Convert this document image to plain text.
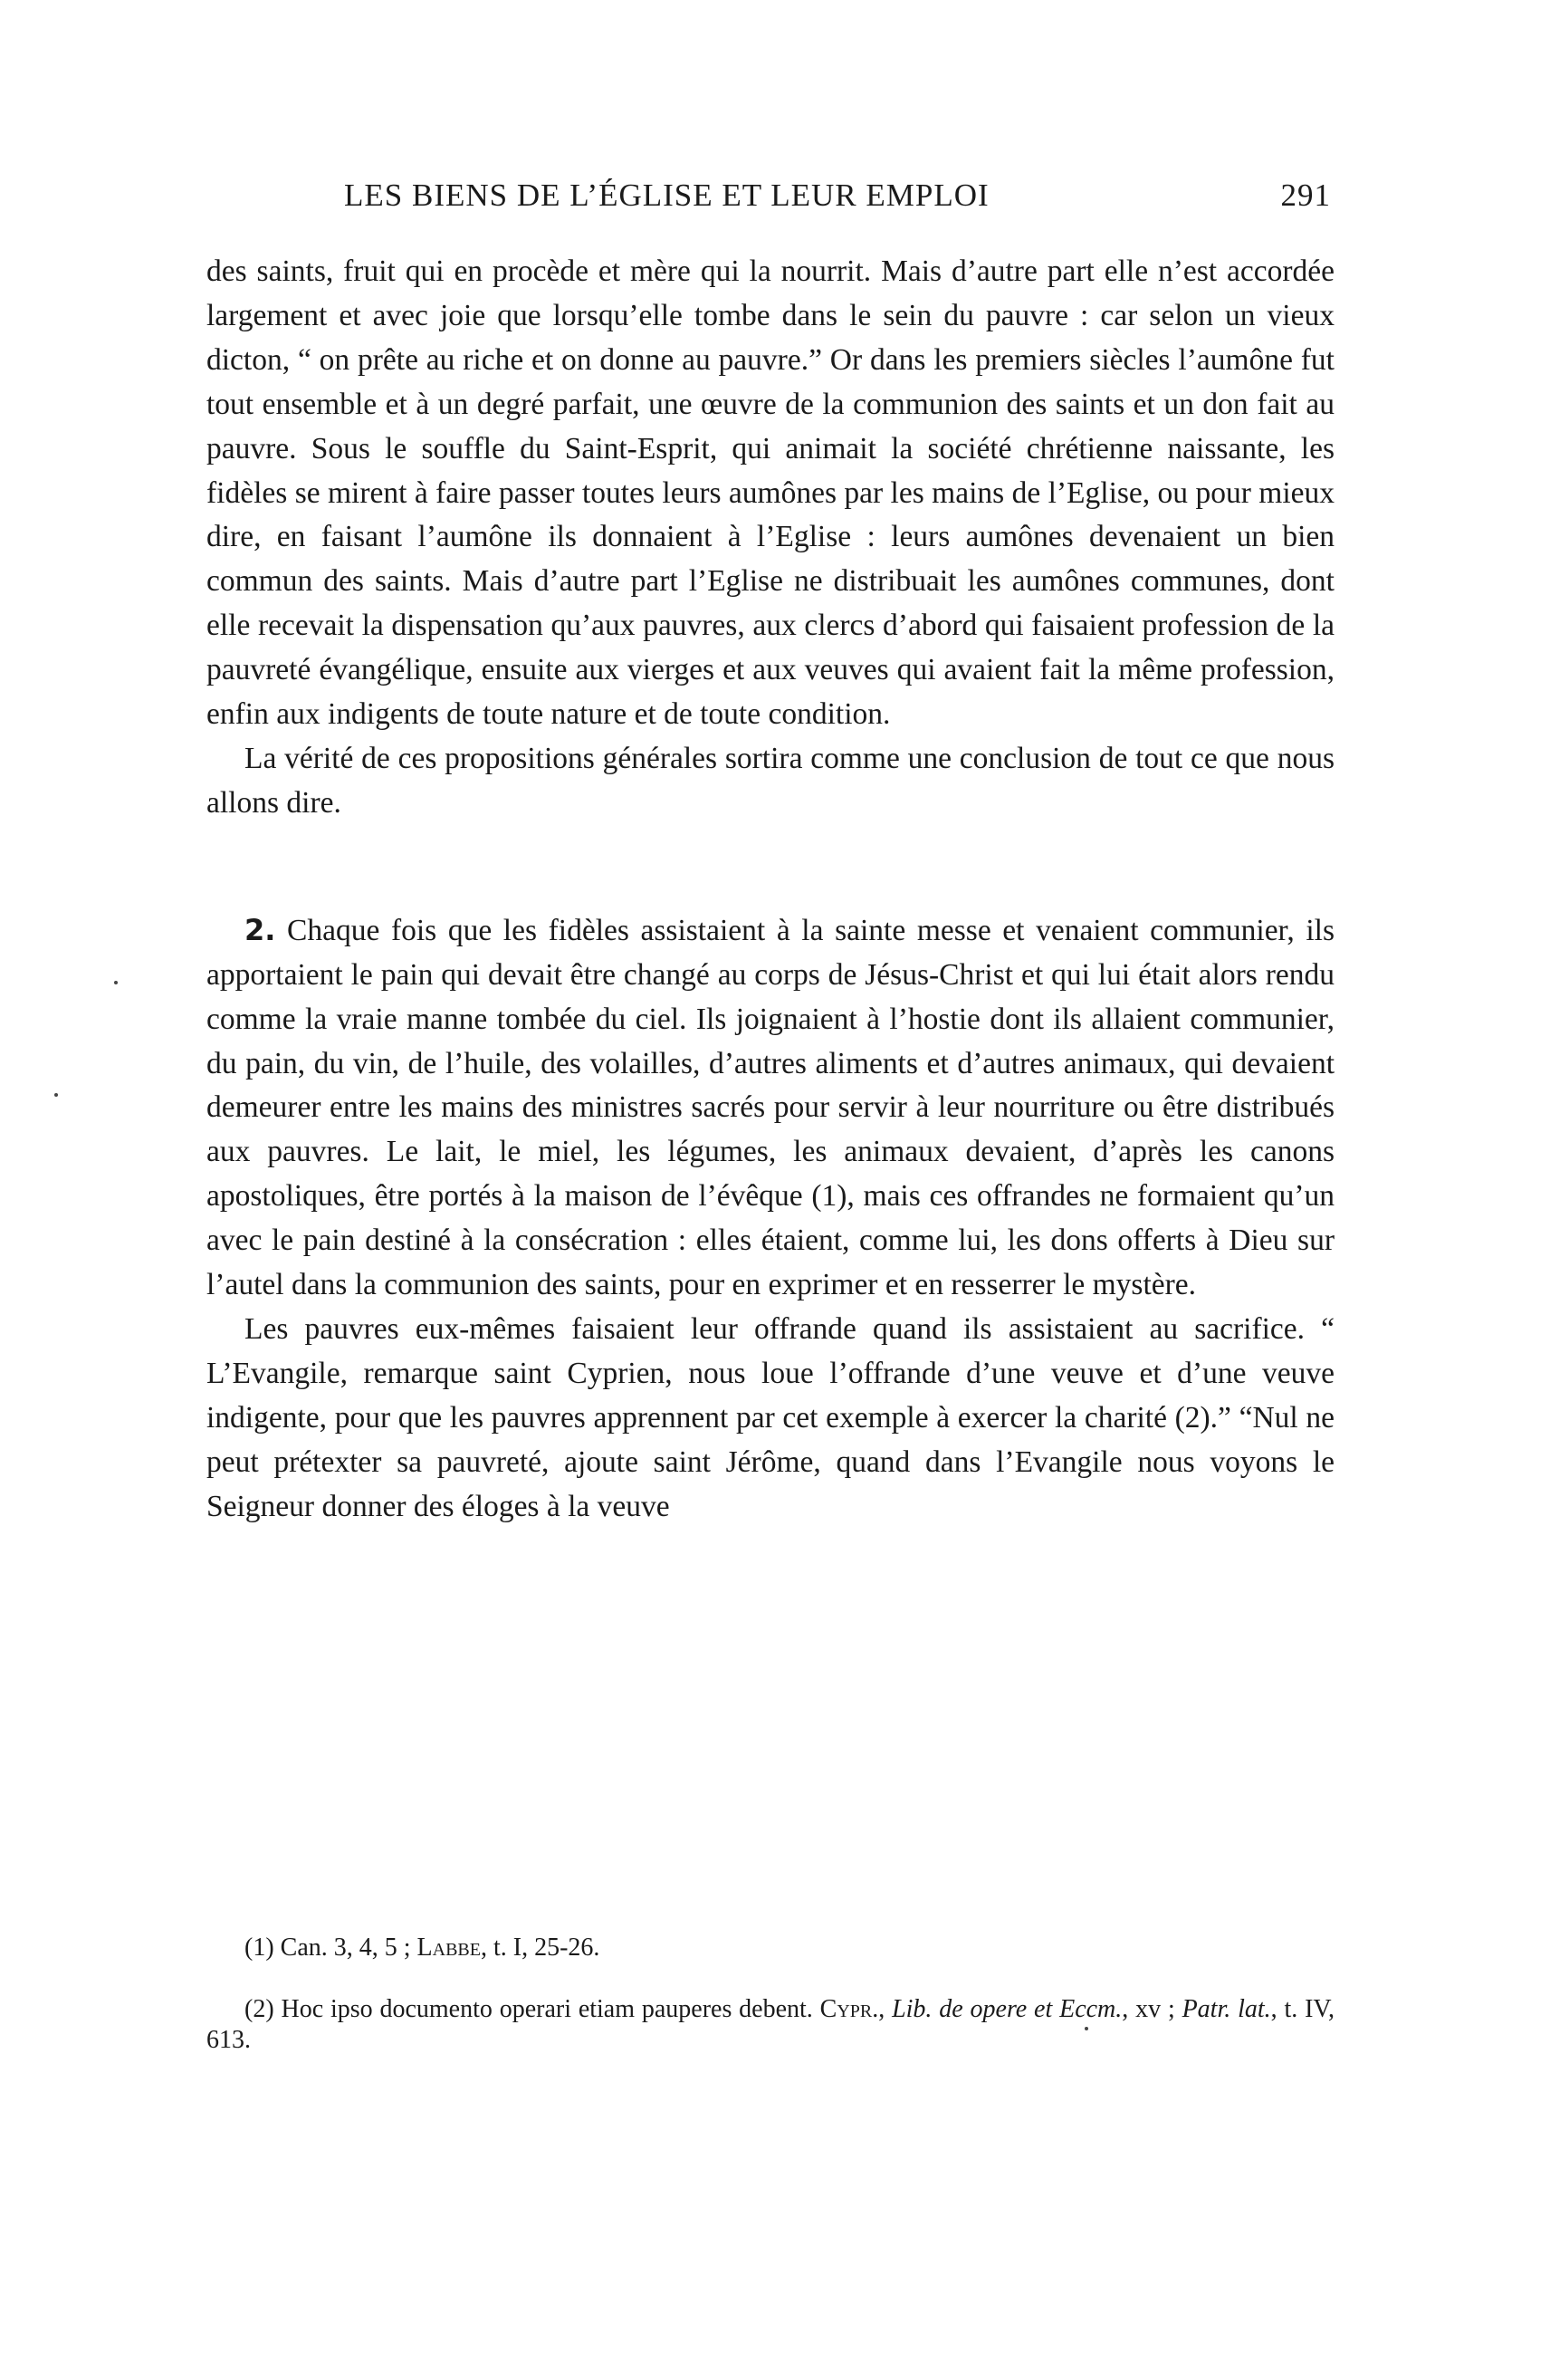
LES BIENS DE L’ÉGLISE ET LEUR EMPLOI	291

des saints, fruit qui en procède et mère qui la nourrit. Mais d’autre part elle n’est accordée largement et avec joie que lorsqu’elle tombe dans le sein du pauvre : car selon un vieux dicton, “ on prête au riche et on donne au pauvre.” Or dans les premiers siècles l’aumône fut tout ensemble et à un degré parfait, une œuvre de la communion des saints et un don fait au pauvre. Sous le souffle du Saint-Esprit, qui animait la société chrétienne naissante, les fidèles se mirent à faire passer toutes leurs aumônes par les mains de l’Eglise, ou pour mieux dire, en faisant l’aumône ils donnaient à l’Eglise : leurs aumônes devenaient un bien commun des saints. Mais d’autre part l’Eglise ne distribuait les aumônes communes, dont elle recevait la dispensation qu’aux pauvres, aux clercs d’abord qui faisaient profession de la pauvreté évangélique, ensuite aux vierges et aux veuves qui avaient fait la même profession, enfin aux indigents de toute nature et de toute condition.

La vérité de ces propositions générales sortira comme une conclusion de tout ce que nous allons dire.

2. Chaque fois que les fidèles assistaient à la sainte messe et venaient communier, ils apportaient le pain qui devait être changé au corps de Jésus-Christ et qui lui était alors rendu comme la vraie manne tombée du ciel. Ils joignaient à l’hostie dont ils allaient communier, du pain, du vin, de l’huile, des volailles, d’autres aliments et d’autres animaux, qui devaient demeurer entre les mains des ministres sacrés pour servir à leur nourriture ou être distribués aux pauvres. Le lait, le miel, les légumes, les animaux devaient, d’après les canons apostoliques, être portés à la maison de l’évêque (1), mais ces offrandes ne formaient qu’un avec le pain destiné à la consécration : elles étaient, comme lui, les dons offerts à Dieu sur l’autel dans la communion des saints, pour en exprimer et en resserrer le mystère.

Les pauvres eux-mêmes faisaient leur offrande quand ils assistaient au sacrifice. “ L’Evangile, remarque saint Cyprien, nous loue l’offrande d’une veuve et d’une veuve indigente, pour que les pauvres apprennent par cet exemple à exercer la charité (2).” “Nul ne peut prétexter sa pauvreté, ajoute saint Jérôme, quand dans l’Evangile nous voyons le Seigneur donner des éloges à la veuve

(1) Can. 3, 4, 5 ; Labbe, t. I, 25-26.

(2) Hoc ipso documento operari etiam pauperes debent. Cypr., Lib. de opere et Eccm., xv ; Patr. lat., t. IV, 613.
